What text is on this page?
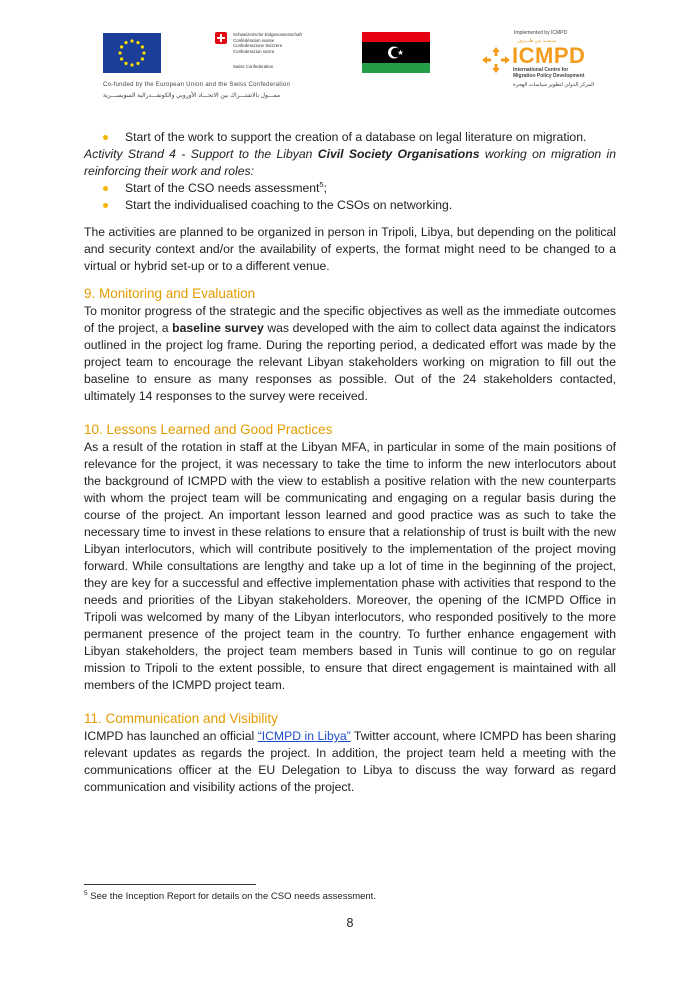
Schweizerische Eidgenossenschaft
Confédération suisse
Confederazione Svizzera
Confederaziun svizra
Swiss Confederation
Implemented by ICMPD
منـفــذ من طـــرف
ICMPD
International Centre for
Migration Policy Development
المركز الدولي لتطوير سياسات الهجرة
Co-funded by the European Union and the Swiss Confederation
ممـــول بالاشتـــراك بين الاتحـــاد الأوروبي والكونفـــدرالية السويســـرية
Start of the work to support the creation of a database on legal literature on migration.

Activity Strand 4 - Support to the Libyan Civil Society Organisations working on migration in reinforcing their work and roles:

Start of the CSO needs assessment$^5$;
Start the individualised coaching to the CSOs on networking.

The activities are planned to be organized in person in Tripoli, Libya, but depending on the political and security context and/or the availability of experts, the format might need to be changed to a virtual or hybrid set-up or to a different venue.

9. Monitoring and Evaluation

To monitor progress of the strategic and the specific objectives as well as the immediate outcomes of the project, a baseline survey was developed with the aim to collect data against the indicators outlined in the project log frame. During the reporting period, a dedicated effort was made by the project team to encourage the relevant Libyan stakeholders working on migration to fill out the baseline to ensure as many responses as possible. Out of the 24 stakeholders contacted, ultimately 14 responses to the survey were received.

10. Lessons Learned and Good Practices

As a result of the rotation in staff at the Libyan MFA, in particular in some of the main positions of relevance for the project, it was necessary to take the time to inform the new interlocutors about the background of ICMPD with the view to establish a positive relation with the new counterparts with whom the project team will be communicating and engaging on a regular basis during the course of the project. An important lesson learned and good practice was as such to take the necessary time to invest in these relations to ensure that a relationship of trust is built with the new Libyan interlocutors, which will contribute positively to the implementation of the project moving forward. While consultations are lengthy and take up a lot of time in the beginning of the project, they are key for a successful and effective implementation phase with activities that respond to the needs and priorities of the Libyan stakeholders. Moreover, the opening of the ICMPD Office in Tripoli was welcomed by many of the Libyan interlocutors, who responded positively to the more permanent presence of the project team in the country. To further enhance engagement with Libyan stakeholders, the project team members based in Tunis will continue to go on regular mission to Tripoli to the extent possible, to ensure that direct engagement is maintained with all members of the ICMPD project team.

11. Communication and Visibility

ICMPD has launched an official “ICMPD in Libya” Twitter account, where ICMPD has been sharing relevant updates as regards the project. In addition, the project team held a meeting with the communications officer at the EU Delegation to Libya to discuss the way forward as regard communication and visibility actions of the project.

$^5$ See the Inception Report for details on the CSO needs assessment.
8
